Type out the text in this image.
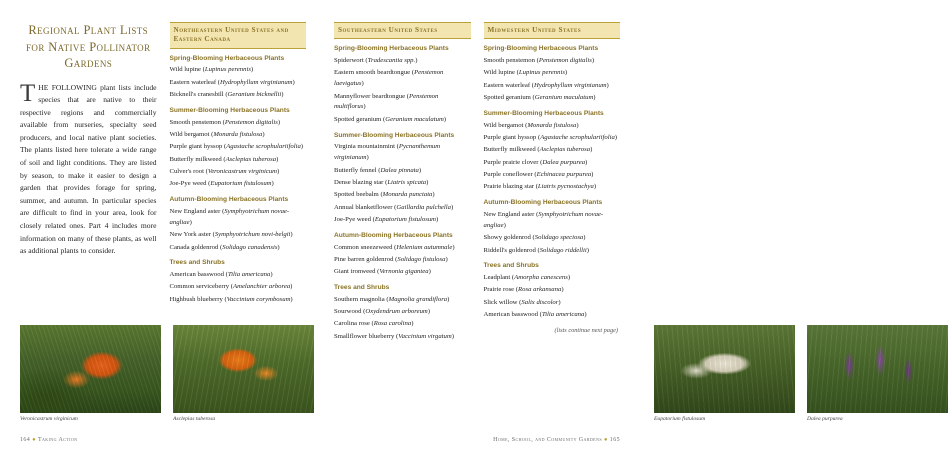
Regional Plant Lists
for Native Pollinator Gardens

THE FOLLOWING plant lists include species that are native to their respective regions and commercially available from nurseries, specialty seed producers, and local native plant societies. The plants listed here tolerate a wide range of soil and light conditions. They are listed by season, to make it easier to design a garden that provides forage for spring, summer, and autumn. In particular species are difficult to find in your area, look for closely related ones. Part 4 includes more information on many of these plants, as well as additional plants to consider.

Northeastern United States and Eastern Canada
Spring-Blooming Herbaceous Plants
Wild lupine (Lupinus perennis)
Eastern waterleaf (Hydrophyllum virginianum)
Bicknell's cranesbill (Geranium bicknellii)
Summer-Blooming Herbaceous Plants
Smooth penstemon (Penstemon digitalis)
Wild bergamot (Monarda fistulosa)
Purple giant hyssop (Agastache scrophulariifolia)
Butterfly milkweed (Asclepias tuberosa)
Culver's root (Veronicastrum virginicum)
Joe-Pye weed (Eupatorium fistulosum)
Autumn-Blooming Herbaceous Plants
New England aster (Symphyotrichum novae-angliae)
New York aster (Symphyotrichum novi-belgii)
Canada goldenrod (Solidago canadensis)
Trees and Shrubs
American basswood (Tilia americana)
Common serviceberry (Amelanchier arborea)
Highbush blueberry (Vaccinium corymbosum)
Veronicastrum virginicum	Asclepias tuberosa
164 ● Taking Action
Southeastern United States
Spring-Blooming Herbaceous Plants
Spiderwort (Tradescantia spp.)
Eastern smooth beardtongue (Penstemon laevigatus)
Mannyflower beardtongue (Penstemon multiflorus)
Spotted geranium (Geranium maculatum)
Summer-Blooming Herbaceous Plants
Virginia mountainmint (Pycnanthemum virginianum)
Butterfly fennel (Dalea pinnata)
Dense blazing star (Liatris spicata)
Spotted beebalm (Monarda punctata)
Annual blanketflower (Gaillardia pulchella)
Joe-Pye weed (Eupatorium fistulosum)
Autumn-Blooming Herbaceous Plants
Common sneezeweed (Helenium autumnale)
Pine barren goldenrod (Solidago fistulosa)
Giant ironweed (Vernonia gigantea)
Trees and Shrubs
Southern magnolia (Magnolia grandiflora)
Sourwood (Oxydendrum arboreum)
Carolina rose (Rosa carolina)
Smallflower blueberry (Vaccinium virgatum)
Midwestern United States
Spring-Blooming Herbaceous Plants
Smooth penstemon (Penstemon digitalis)
Wild lupine (Lupinus perennis)
Eastern waterleaf (Hydrophyllum virginianum)
Spotted geranium (Geranium maculatum)
Summer-Blooming Herbaceous Plants
Wild bergamot (Monarda fistulosa)
Purple giant hyssop (Agastache scrophulariifolia)
Butterfly milkweed (Asclepias tuberosa)
Purple prairie clover (Dalea purpurea)
Purple coneflower (Echinacea purpurea)
Prairie blazing star (Liatris pycnostachya)
Autumn-Blooming Herbaceous Plants
New England aster (Symphyotrichum novae-angliae)
Showy goldenrod (Solidago speciosa)
Riddell's goldenrod (Solidago riddellii)
Trees and Shrubs
Leadplant (Amorpha canescens)
Prairie rose (Rosa arkansana)
Slick willow (Salix discolor)
American basswood (Tilia americana)
(lists continue next page)
Eupatorium fistulosum	Dalea purpurea
Home, School, and Community Gardens ● 165
